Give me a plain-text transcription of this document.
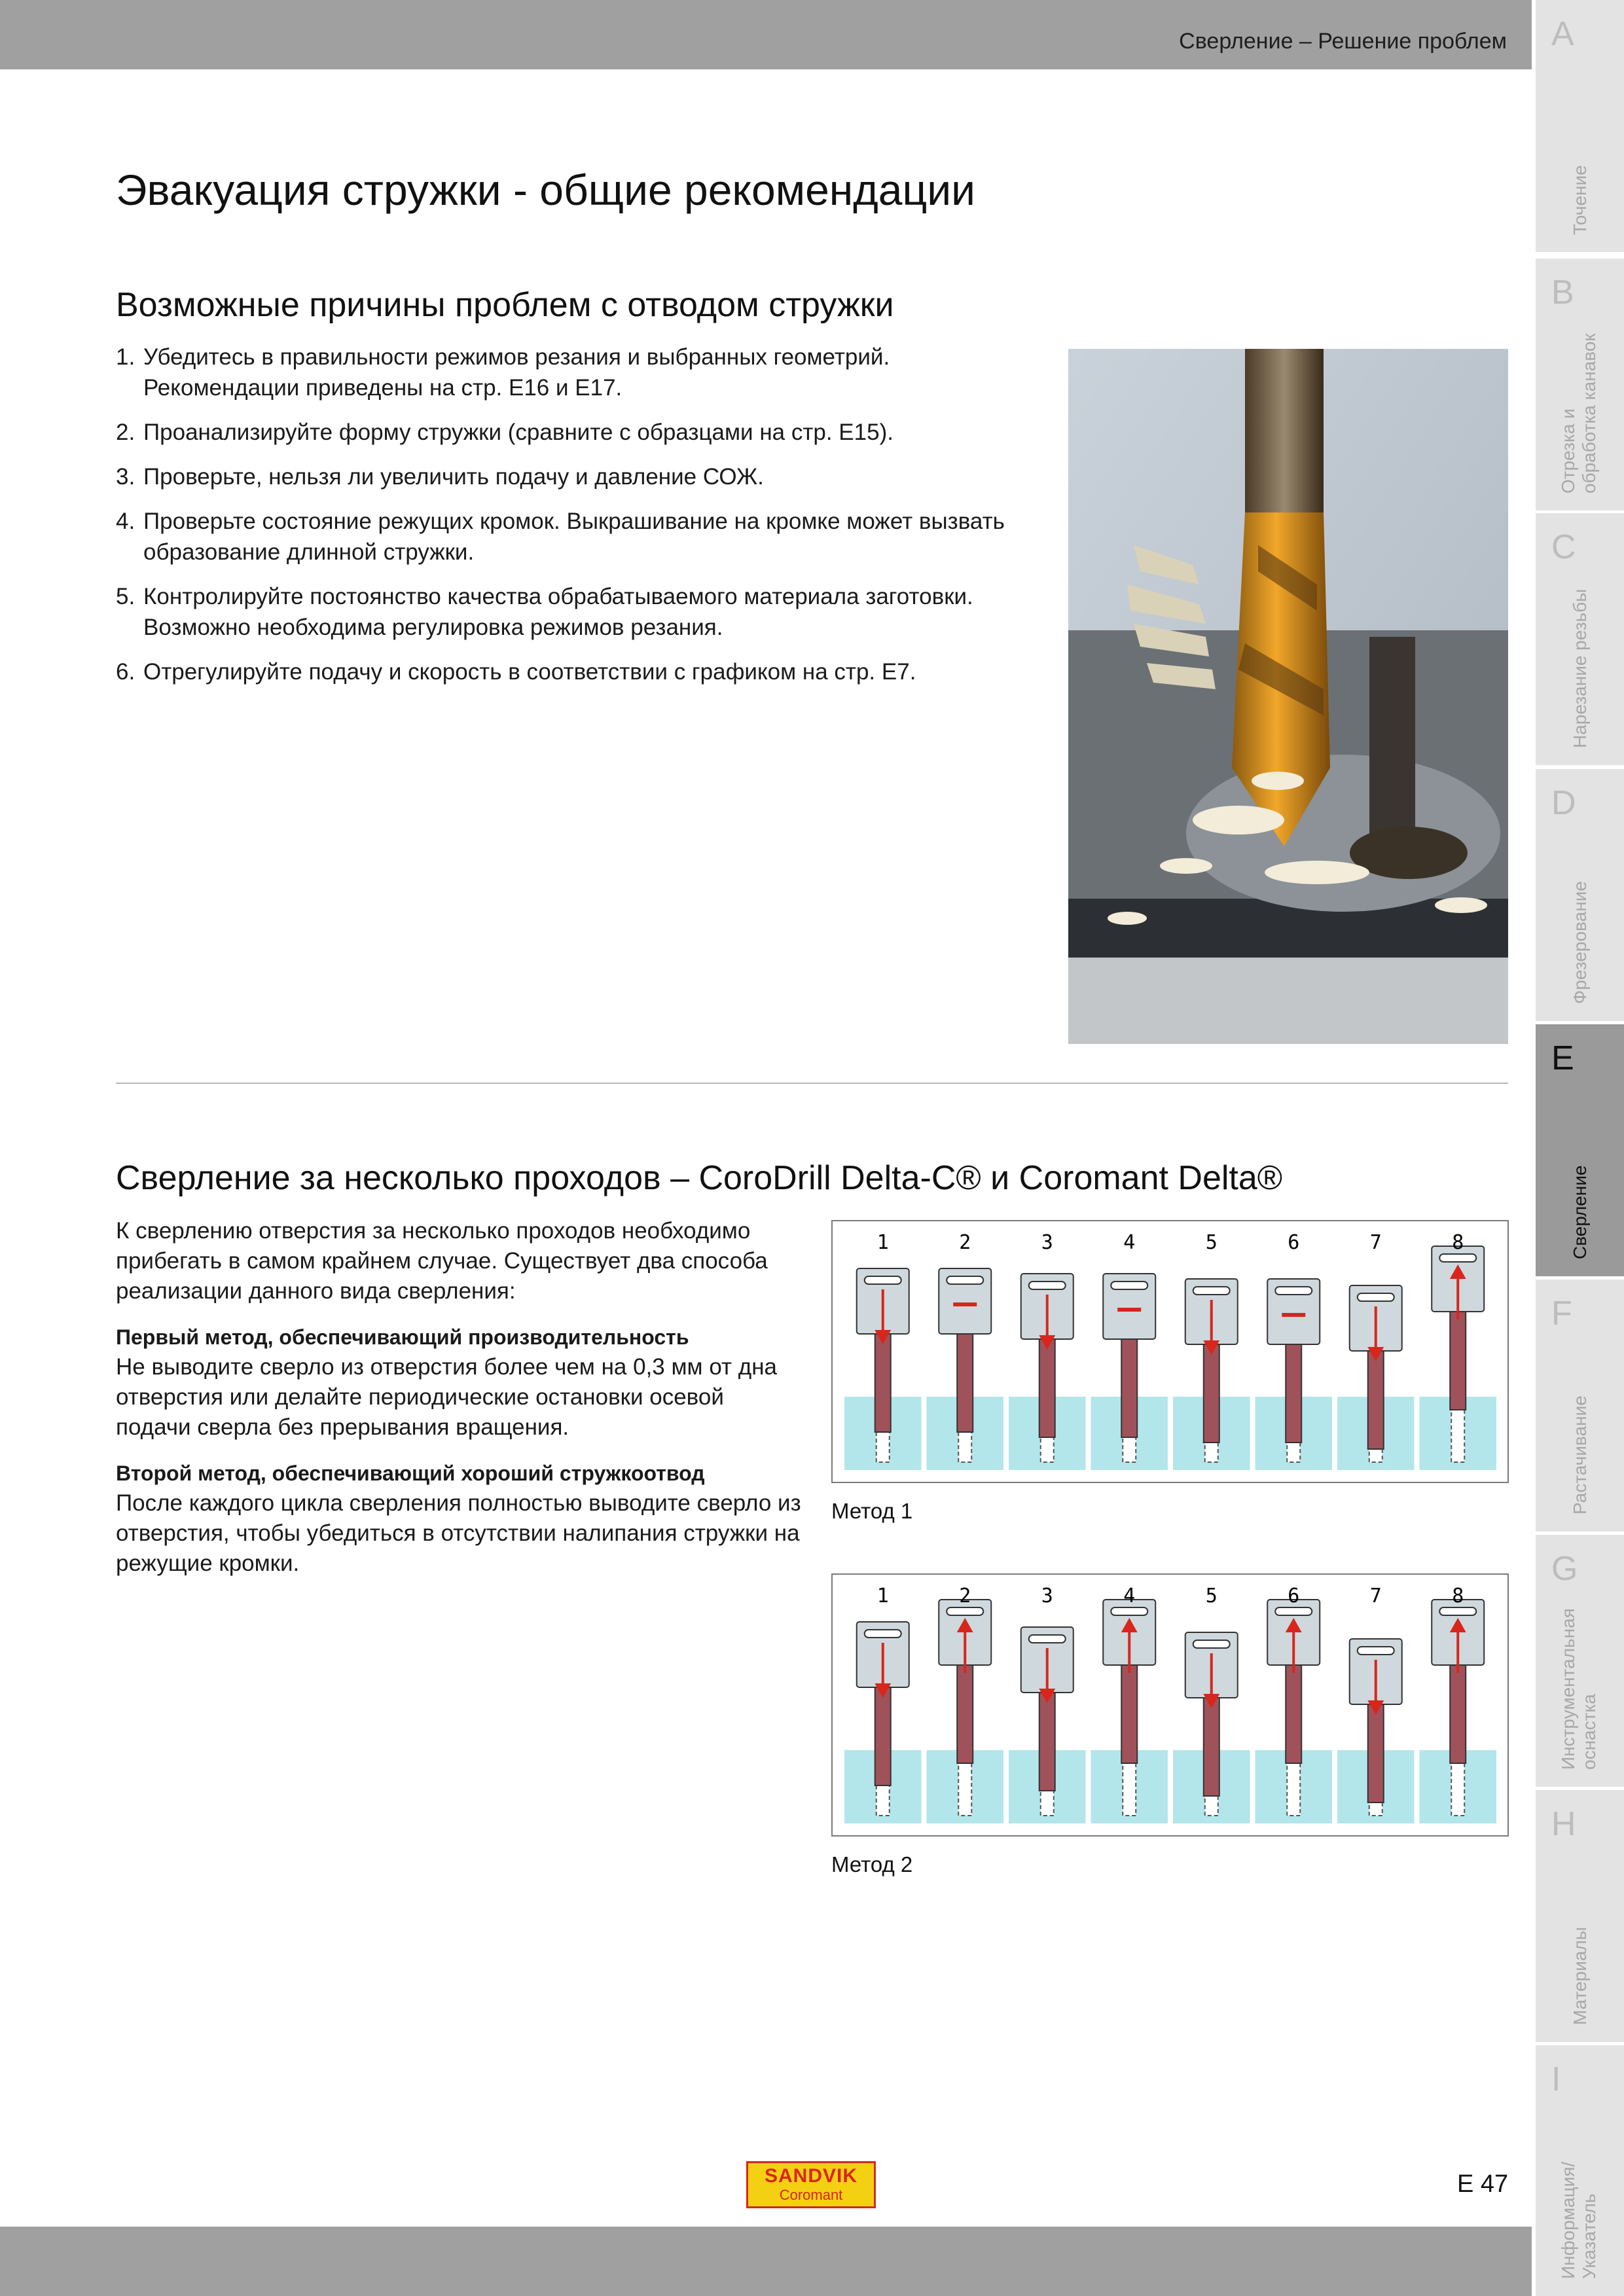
Сверление – Решение проблем A
Точение
B
Отрезка и обработка канавок
C
Нарезание резьбы
D
Фрезерование
E
Сверление
F
Растачивание
G
Инструментальная оснастка
H
Материалы
I
Информация/ Указатель
Эвакуация стружки - общие рекомендации
Возможные причины проблем с отводом стружки
1. Убедитесь в правильности режимов резания и выбранных геометрий. Рекомендации приведены на стр. E16 и E17.
2. Проанализируйте форму стружки (сравните с образцами на стр. E15).
3. Проверьте, нельзя ли увеличить подачу и давление СОЖ.
4. Проверьте состояние режущих кромок. Выкрашивание на кромке может вызвать образование длинной стружки.
5. Контролируйте постоянство качества обрабатываемого материала заготовки. Возможно необходима регулировка режимов резания.
6. Отрегулируйте подачу и скорость в соответствии с графиком на стр. E7.
Сверление за несколько проходов – CoroDrill Delta-C® и Coromant Delta®

К сверлению отверстия за несколько проходов необходимо прибегать в самом крайнем случае. Существует два способа реализации данного вида сверления:

Первый метод, обеспечивающий производительность
Не выводите сверло из отверстия более чем на 0,3 мм от дна отверстия или делайте периодические остановки осевой подачи сверла без прерывания вращения.

Второй метод, обеспечивающий хороший стружкоотвод
После каждого цикла сверления полностью выводите сверло из отверстия, чтобы убедиться в отсутствии налипания стружки на режущие кромки.

1	2	3	4	5	6	7	8
Метод 1
1	2	3	4	5	6	7	8
Метод 2
SANDVIK
Coromant	E 47
